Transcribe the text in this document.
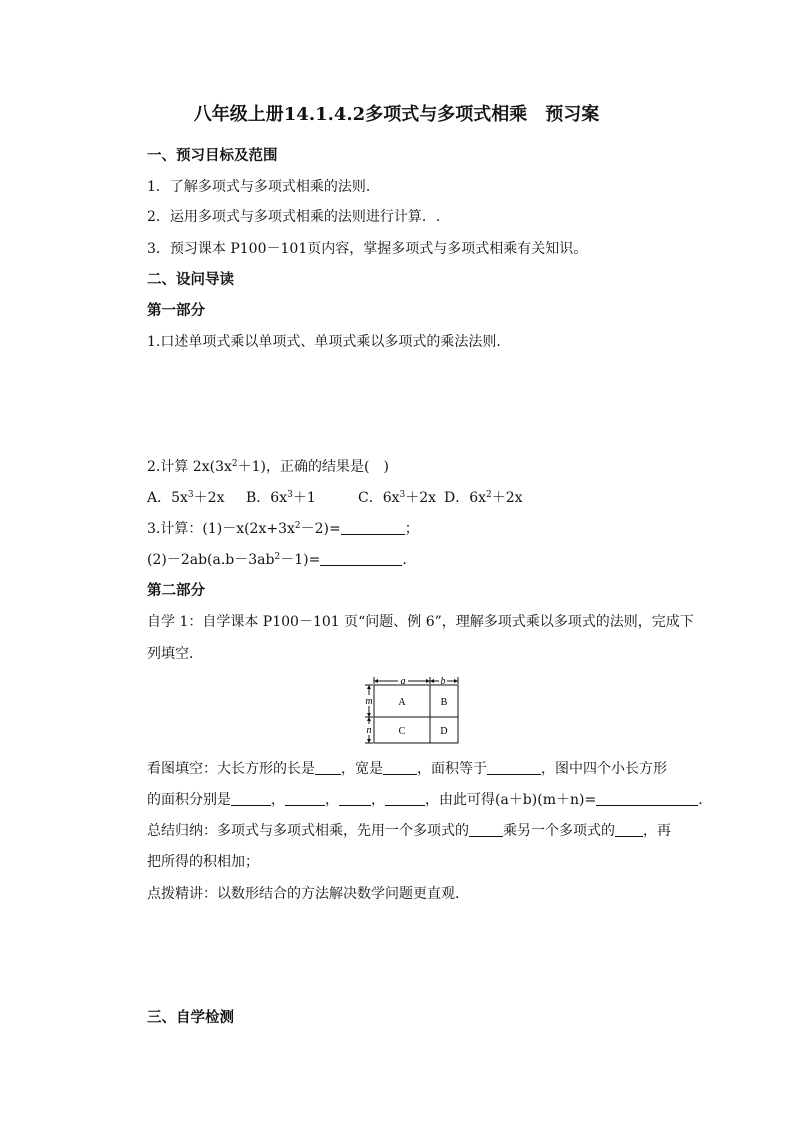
八年级上册14.1.4.2多项式与多项式相乘　预习案
一、预习目标及范围
1．了解多项式与多项式相乘的法则．
2．运用多项式与多项式相乘的法则进行计算．.
3．预习课本 P100－101页内容，掌握多项式与多项式相乘有关知识。
二、设问导读
第一部分
1.口述单项式乘以单项式、单项式乘以多项式的乘法法则.
2.计算 $2x(3x^2+1)$，正确的结果是(　)
A．$5x^3+2x$ B．$6x^3+1$	C．$6x^3+2x$ D．$6x^2+2x$
3.计算：$(1)-x(2x+3x^2-2)=$	；
$(2)-2ab(a.b-3ab^2-1)=$	.
第二部分
自学 1：自学课本 P100－101 页“问题、例 6”，理解多项式乘以多项式的法则，完成下
列填空．
a	b
m
n
A	B
C	D
看图填空：大长方形的长是 ，宽是 ，面积等于	，图中四个小长方形
的面积分别是	，	， ，	，由此可得(a＋b)(m＋n)=	.
总结归纳：多项式与多项式相乘，先用一个多项式的 乘另一个多项式的 ，再
把所得的积相加；
点拨精讲：以数形结合的方法解决数学问题更直观．
三、自学检测
